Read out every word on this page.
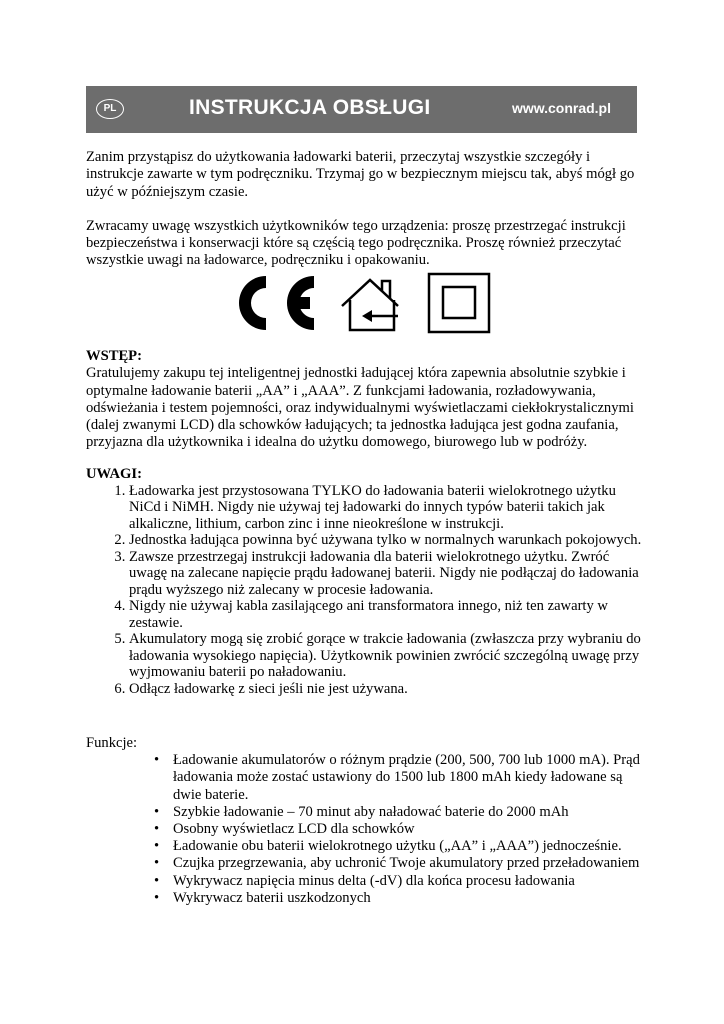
PL	INSTRUKCJA OBSŁUGI	www.conrad.pl

Zanim przystąpisz do użytkowania ładowarki baterii, przeczytaj wszystkie szczegóły i instrukcje zawarte w tym podręczniku. Trzymaj go w bezpiecznym miejscu tak, abyś mógł go użyć w późniejszym czasie.

Zwracamy uwagę wszystkich użytkowników tego urządzenia: proszę przestrzegać instrukcji bezpieczeństwa i konserwacji które są częścią tego podręcznika. Proszę również przeczytać wszystkie uwagi na ładowarce, podręczniku i opakowaniu.

WSTĘP:

Gratulujemy zakupu tej inteligentnej jednostki ładującej która zapewnia absolutnie szybkie i optymalne ładowanie baterii „AA” i „AAA”. Z funkcjami ładowania, rozładowywania, odświeżania i testem pojemności, oraz indywidualnymi wyświetlaczami ciekłokrystalicznymi (dalej zwanymi LCD) dla schowków ładujących; ta jednostka ładująca jest godna zaufania, przyjazna dla użytkownika i idealna do użytku domowego, biurowego lub w podróży.

UWAGI:

1. Ładowarka jest przystosowana TYLKO do ładowania baterii wielokrotnego użytku NiCd i NiMH. Nigdy nie używaj tej ładowarki do innych typów baterii takich jak alkaliczne, lithium, carbon zinc i inne nieokreślone w instrukcji.
2. Jednostka ładująca powinna być używana tylko w normalnych warunkach pokojowych.
3. Zawsze przestrzegaj instrukcji ładowania dla baterii wielokrotnego użytku. Zwróć uwagę na zalecane napięcie prądu ładowanej baterii. Nigdy nie podłączaj do ładowania prądu wyższego niż zalecany w procesie ładowania.
4. Nigdy nie używaj kabla zasilającego ani transformatora innego, niż ten zawarty w zestawie.
5. Akumulatory mogą się zrobić gorące w trakcie ładowania (zwłaszcza przy wybraniu do ładowania wysokiego napięcia). Użytkownik powinien zwrócić szczególną uwagę przy wyjmowaniu baterii po naładowaniu.
6. Odłącz ładowarkę z sieci jeśli nie jest używana.

Funkcje:

• Ładowanie akumulatorów o różnym prądzie (200, 500, 700 lub 1000 mA). Prąd ładowania może zostać ustawiony do 1500 lub 1800 mAh kiedy ładowane są dwie baterie.
• Szybkie ładowanie – 70 minut aby naładować baterie do 2000 mAh
• Osobny wyświetlacz LCD dla schowków
• Ładowanie obu baterii wielokrotnego użytku („AA” i „AAA”) jednocześnie.
• Czujka przegrzewania, aby uchronić Twoje akumulatory przed przeładowaniem
• Wykrywacz napięcia minus delta (-dV) dla końca procesu ładowania
• Wykrywacz baterii uszkodzonych
